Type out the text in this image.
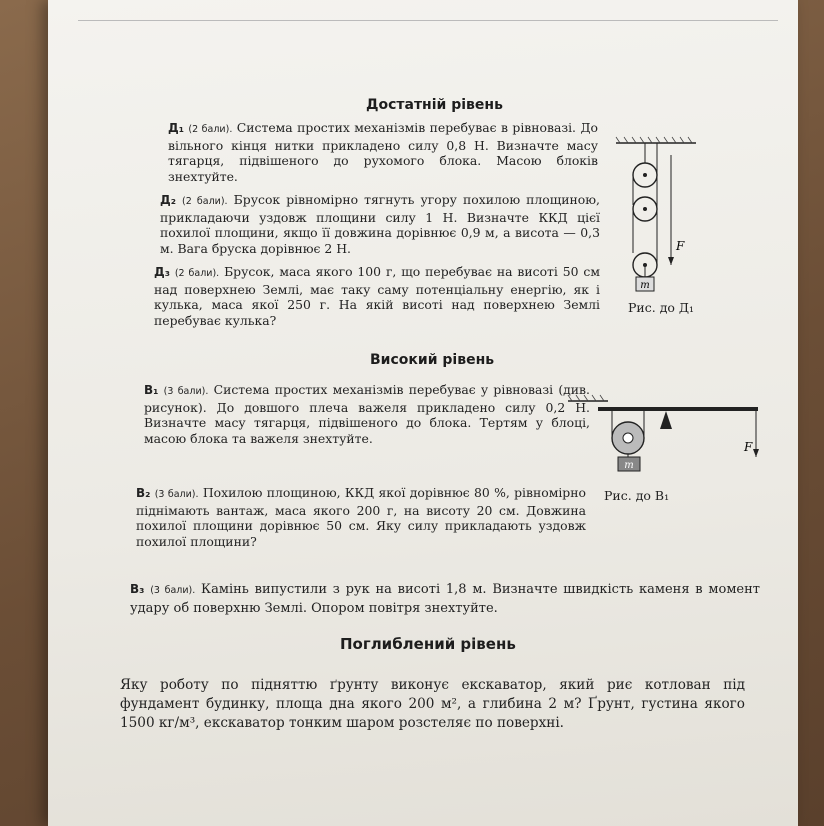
Достатній рівень
Д₁ (2 бали). Система простих механізмів перебуває в рівновазі. До вільного кінця нитки прикладено силу 0,8 Н. Визначте масу тягарця, підвішеного до рухомого блока. Масою блоків знехтуйте.
Д₂ (2 бали). Брусок рівномірно тягнуть угору похилою площиною, прикладаючи уздовж площини силу 1 Н. Визначте ККД цієї похилої площини, якщо її довжина дорівнює 0,9 м, а висота — 0,3 м. Вага бруска дорівнює 2 Н.
Д₃ (2 бали). Брусок, маса якого 100 г, що перебуває на висоті 50 см над поверхнею Землі, має таку саму потенціальну енергію, як і кулька, маса якої 250 г. На якій висоті над поверхнею Землі перебуває кулька?
m
F
Рис. до Д₁
Високий рівень
В₁ (3 бали). Система простих механізмів перебуває у рівновазі (див. рисунок). До довшого плеча важеля прикладено силу 0,2 Н. Визначте масу тягарця, підвішеного до блока. Тертям у блоці, масою блока та важеля знехтуйте.
m
F
Рис. до В₁
В₂ (3 бали). Похилою площиною, ККД якої дорівнює 80 %, рівномірно піднімають вантаж, маса якого 200 г, на висоту 20 см. Довжина похилої площини дорівнює 50 см. Яку силу прикладають уздовж похилої площини?
В₃ (3 бали). Камінь випустили з рук на висоті 1,8 м. Визначте швидкість каменя в момент удару об поверхню Землі. Опором повітря знехтуйте.
Поглиблений рівень
Яку роботу по підняттю ґрунту виконує екскаватор, який риє котлован під фундамент будинку, площа дна якого 200 м², а глибина 2 м? Ґрунт, густина якого 1500 кг/м³, екскаватор тонким шаром розстеляє по поверхні.
